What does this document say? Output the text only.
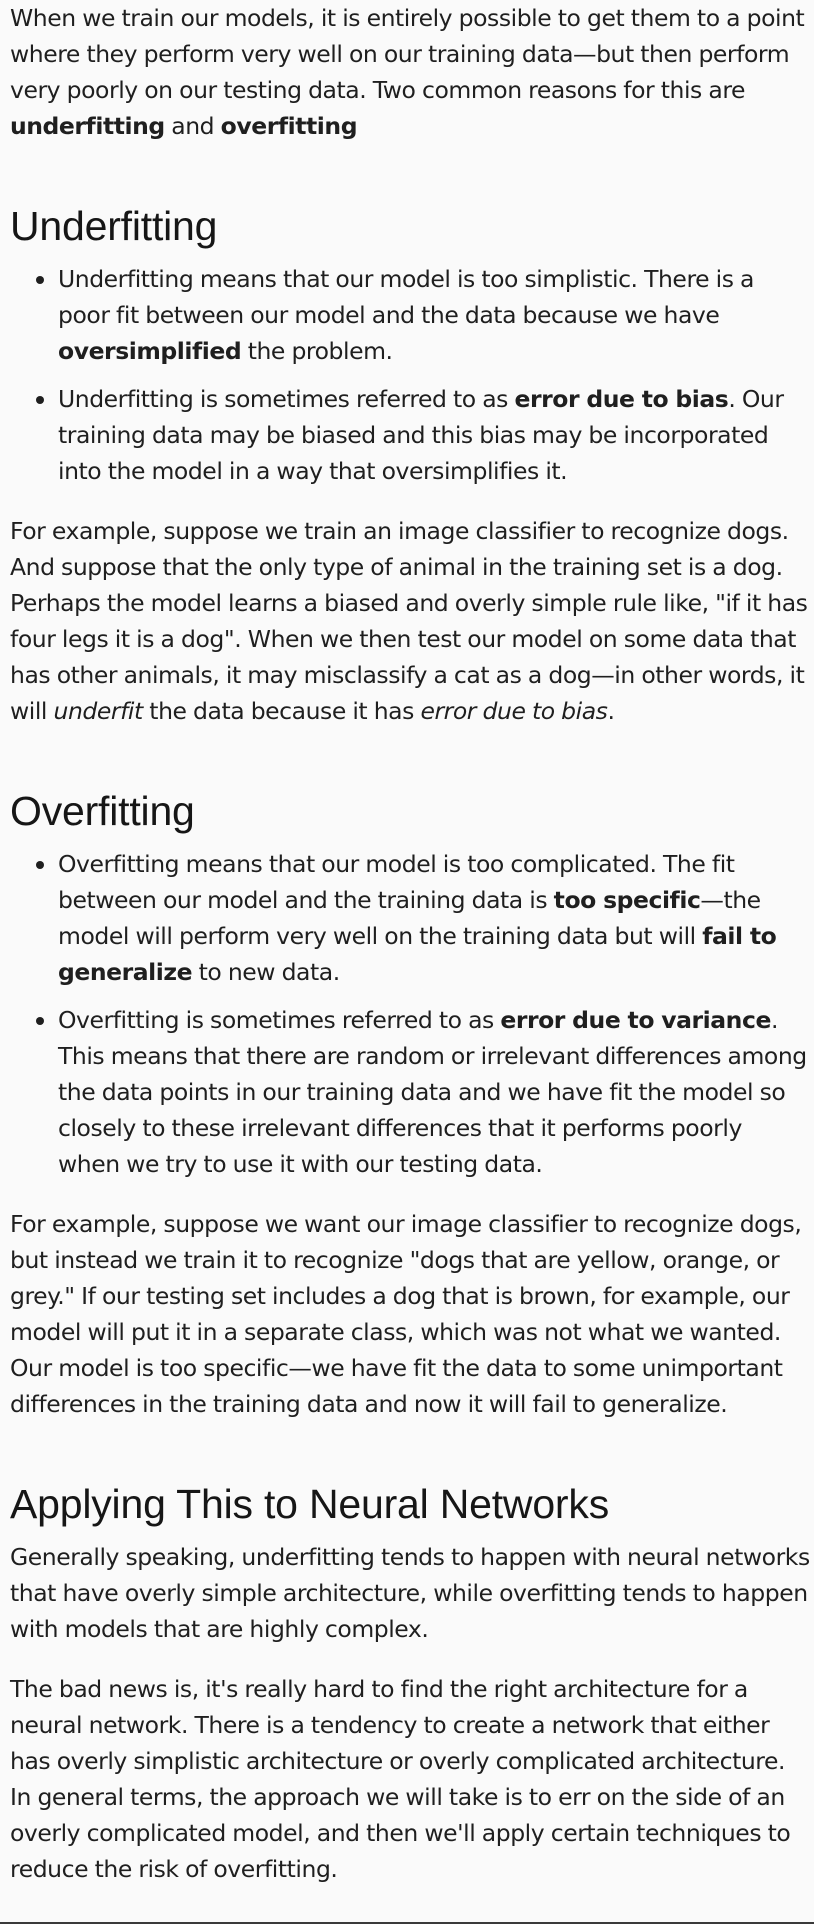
When we train our models, it is entirely possible to get them to a point where they perform very well on our training data—but then perform very poorly on our testing data. Two common reasons for this are underfitting and overfitting

Underfitting
Underfitting means that our model is too simplistic. There is a poor fit between our model and the data because we have oversimplified the problem.
Underfitting is sometimes referred to as error due to bias. Our training data may be biased and this bias may be incorporated into the model in a way that oversimplifies it.

For example, suppose we train an image classifier to recognize dogs. And suppose that the only type of animal in the training set is a dog. Perhaps the model learns a biased and overly simple rule like, "if it has four legs it is a dog". When we then test our model on some data that has other animals, it may misclassify a cat as a dog—in other words, it will underfit the data because it has error due to bias.

Overfitting
Overfitting means that our model is too complicated. The fit between our model and the training data is too specific—the model will perform very well on the training data but will fail to generalize to new data.
Overfitting is sometimes referred to as error due to variance. This means that there are random or irrelevant differences among the data points in our training data and we have fit the model so closely to these irrelevant differences that it performs poorly when we try to use it with our testing data.

For example, suppose we want our image classifier to recognize dogs, but instead we train it to recognize "dogs that are yellow, orange, or grey." If our testing set includes a dog that is brown, for example, our model will put it in a separate class, which was not what we wanted. Our model is too specific—we have fit the data to some unimportant differences in the training data and now it will fail to generalize.

Applying This to Neural Networks

Generally speaking, underfitting tends to happen with neural networks that have overly simple architecture, while overfitting tends to happen with models that are highly complex.

The bad news is, it's really hard to find the right architecture for a neural network. There is a tendency to create a network that either has overly simplistic architecture or overly complicated architecture. In general terms, the approach we will take is to err on the side of an overly complicated model, and then we'll apply certain techniques to reduce the risk of overfitting.
